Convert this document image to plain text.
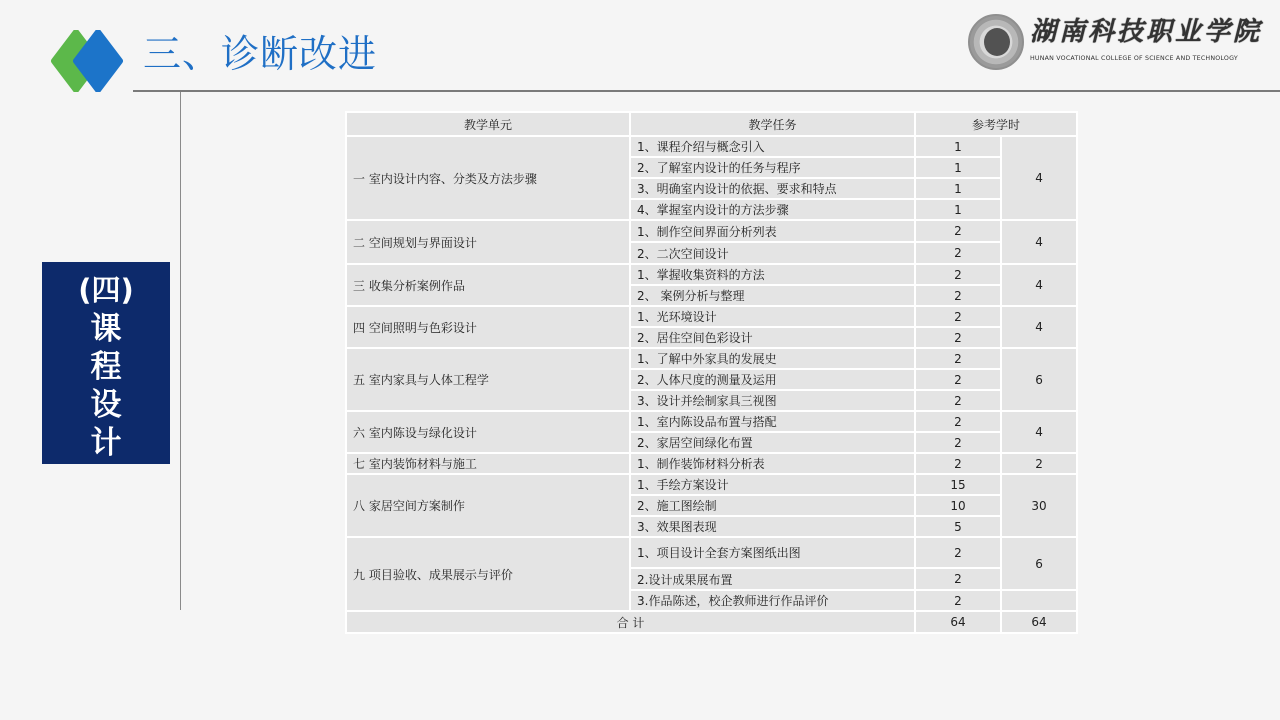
三、诊断改进	湖南科技职业学院
HUNAN VOCATIONAL COLLEGE OF SCIENCE AND TECHNOLOGY
(四)
课
程
设
计
教学单元	教学任务	参考学时	
一 室内设计内容、分类及方法步骤	1、课程介绍与概念引入	1	4
	2、了解室内设计的任务与程序	1	
	3、明确室内设计的依据、要求和特点	1	
	4、掌握室内设计的方法步骤	1	
二 空间规划与界面设计	1、制作空间界面分析列表	2	4
	2、二次空间设计	2	
三 收集分析案例作品	1、掌握收集资料的方法	2	4
	2、 案例分析与整理	2	
四 空间照明与色彩设计	1、光环境设计	2	4
	2、居住空间色彩设计	2	
五 室内家具与人体工程学	1、了解中外家具的发展史	2	6
	2、人体尺度的测量及运用	2	
	3、设计并绘制家具三视图	2	
六 室内陈设与绿化设计	1、室内陈设品布置与搭配	2	4
	2、家居空间绿化布置	2	
七 室内装饰材料与施工	1、制作装饰材料分析表	2	2
八 家居空间方案制作	1、手绘方案设计	15	30
	2、施工图绘制	10	
	3、效果图表现	5	
九 项目验收、成果展示与评价	1、项目设计全套方案图纸出图	2	6
	2.设计成果展布置	2	
	3.作品陈述，校企教师进行作品评价	2	
合 计		64	64
